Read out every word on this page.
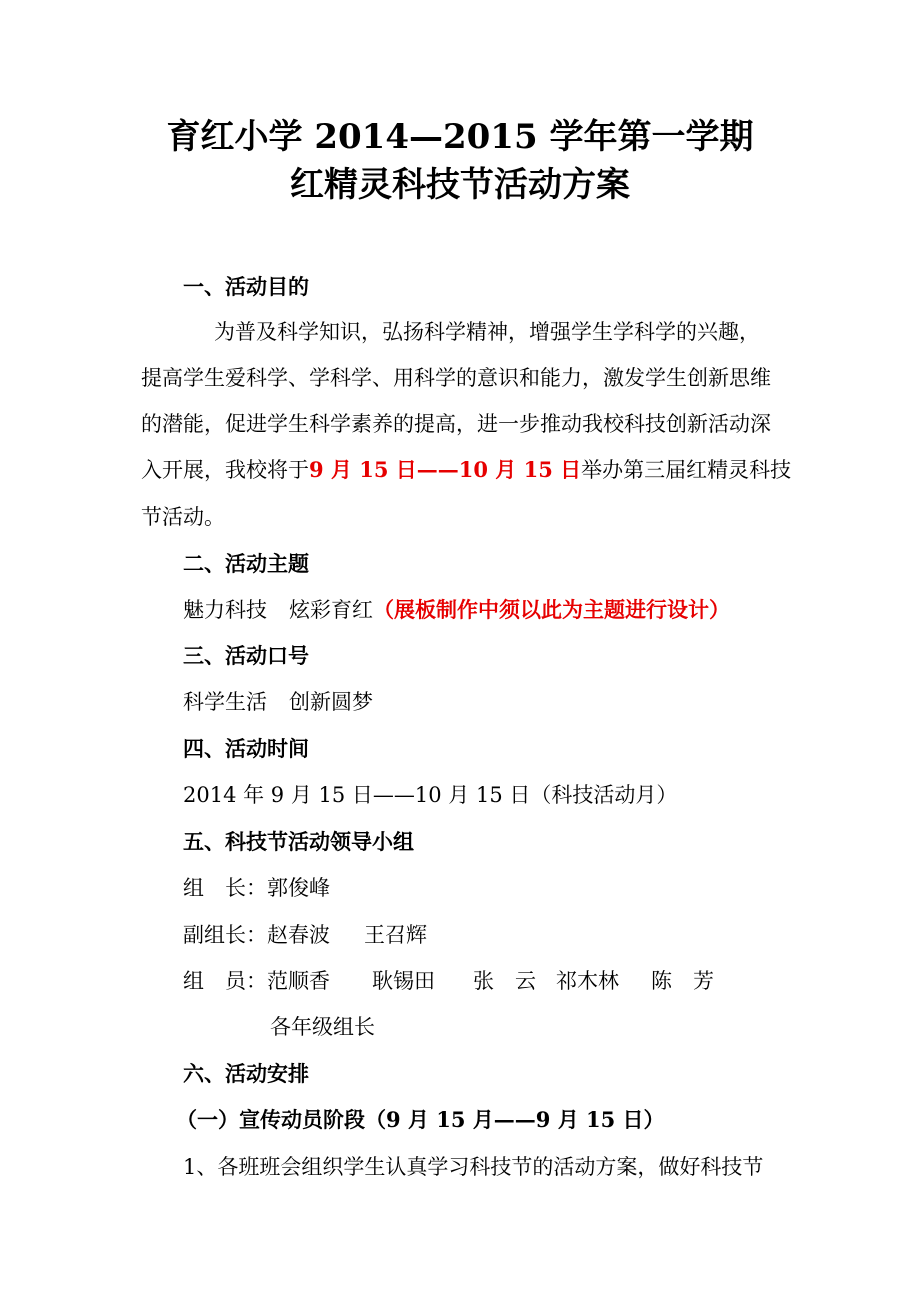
育红小学 2014—2015 学年第一学期
红精灵科技节活动方案
一、活动目的
为普及科学知识，弘扬科学精神，增强学生学科学的兴趣，
提高学生爱科学、学科学、用科学的意识和能力，激发学生创新思维
的潜能，促进学生科学素养的提高，进一步推动我校科技创新活动深
入开展，我校将于9 月 15 日——10 月 15 日举办第三届红精灵科技
节活动。
二、活动主题
魅力科技 炫彩育红（展板制作中须以此为主题进行设计）
三、活动口号
科学生活 创新圆梦
四、活动时间
2014 年 9 月 15 日——10 月 15 日（科技活动月）
五、科技节活动领导小组
组　长：郭俊峰
副组长：赵春波 王召辉
组　员：范顺香 耿锡田 张　云 祁木林 陈　芳
各年级组长
六、活动安排
（一）宣传动员阶段（9 月 15 月——9 月 15 日）
1、各班班会组织学生认真学习科技节的活动方案，做好科技节
